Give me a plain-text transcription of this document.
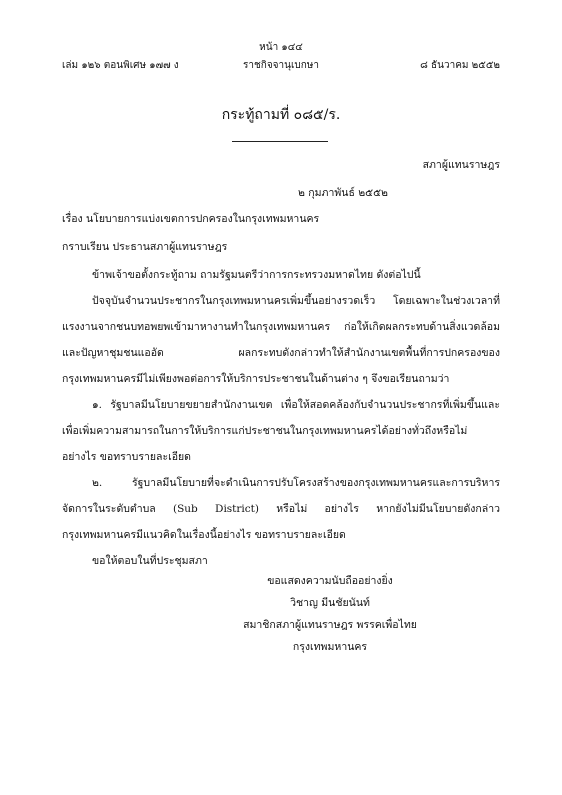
หน้า ๑๔๔
เล่ม ๑๒๖ ตอนพิเศษ ๑๗๗ ง	ราชกิจจานุเบกษา	๘ ธันวาคม ๒๕๕๒
กระทู้ถามที่ ๐๘๕/ร.
สภาผู้แทนราษฎร
๒ กุมภาพันธ์ ๒๕๕๒
เรื่อง นโยบายการแบ่งเขตการปกครองในกรุงเทพมหานคร
กราบเรียน ประธานสภาผู้แทนราษฎร
ข้าพเจ้าขอตั้งกระทู้ถาม ถามรัฐมนตรีว่าการกระทรวงมหาดไทย ดังต่อไปนี้
ปัจจุบันจำนวนประชากรในกรุงเทพมหานครเพิ่มขึ้นอย่างรวดเร็ว โดยเฉพาะในช่วงเวลาที่แรงงานจากชนบทอพยพเข้ามาหางานทำในกรุงเทพมหานคร ก่อให้เกิดผลกระทบด้านสิ่งแวดล้อมและปัญหาชุมชนแออัด ผลกระทบดังกล่าวทำให้สำนักงานเขตพื้นที่การปกครองของกรุงเทพมหานครมีไม่เพียงพอต่อการให้บริการประชาชนในด้านต่าง ๆ จึงขอเรียนถามว่า
๑. รัฐบาลมีนโยบายขยายสำนักงานเขต เพื่อให้สอดคล้องกับจำนวนประชากรที่เพิ่มขึ้นและเพื่อเพิ่มความสามารถในการให้บริการแก่ประชาชนในกรุงเทพมหานครได้อย่างทั่วถึงหรือไม่ อย่างไร ขอทราบรายละเอียด
๒. รัฐบาลมีนโยบายที่จะดำเนินการปรับโครงสร้างของกรุงเทพมหานครและการบริหารจัดการในระดับตำบล (Sub District) หรือไม่ อย่างไร หากยังไม่มีนโยบายดังกล่าว กรุงเทพมหานครมีแนวคิดในเรื่องนี้อย่างไร ขอทราบรายละเอียด
ขอให้ตอบในที่ประชุมสภา
ขอแสดงความนับถืออย่างยิ่ง
วิชาญ มีนชัยนันท์
สมาชิกสภาผู้แทนราษฎร พรรคเพื่อไทย
กรุงเทพมหานคร
